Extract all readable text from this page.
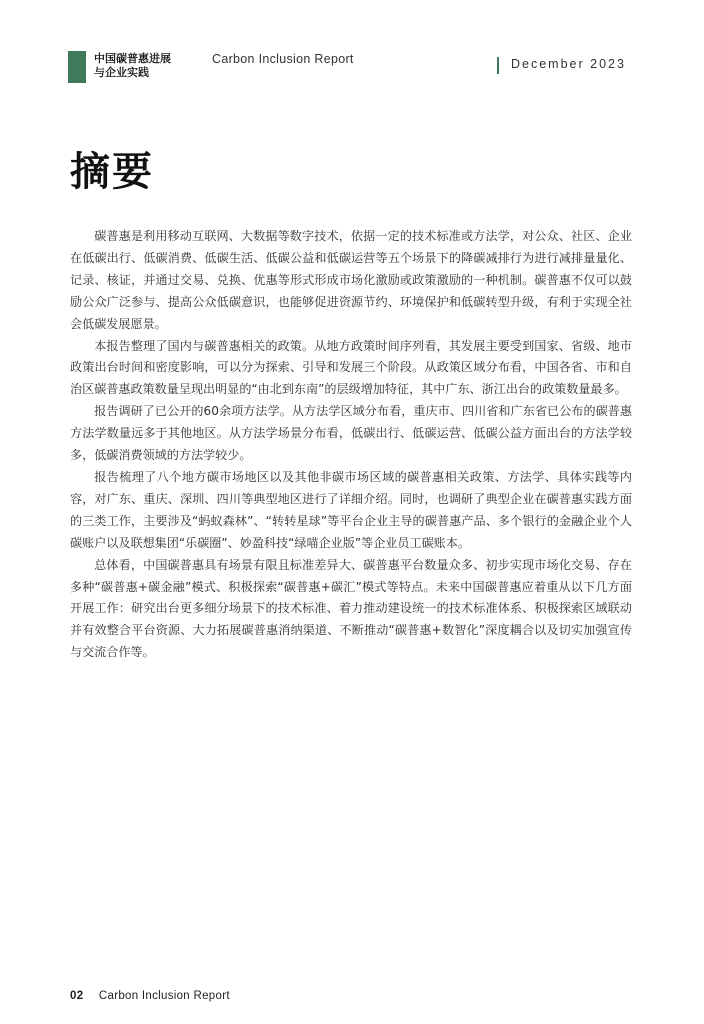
中国碳普惠进展
与企业实践
Carbon Inclusion Report	December 2023
摘要

碳普惠是利用移动互联网、大数据等数字技术，依据一定的技术标准或方法学，对公众、社区、企业在低碳出行、低碳消费、低碳生活、低碳公益和低碳运营等五个场景下的降碳减排行为进行减排量量化、记录、核证，并通过交易、兑换、优惠等形式形成市场化激励或政策激励的一种机制。碳普惠不仅可以鼓励公众广泛参与、提高公众低碳意识，也能够促进资源节约、环境保护和低碳转型升级，有利于实现全社会低碳发展愿景。

本报告整理了国内与碳普惠相关的政策。从地方政策时间序列看，其发展主要受到国家、省级、地市政策出台时间和密度影响，可以分为探索、引导和发展三个阶段。从政策区域分布看，中国各省、市和自治区碳普惠政策数量呈现出明显的“由北到东南”的层级增加特征，其中广东、浙江出台的政策数量最多。

报告调研了已公开的60余项方法学。从方法学区域分布看，重庆市、四川省和广东省已公布的碳普惠方法学数量远多于其他地区。从方法学场景分布看，低碳出行、低碳运营、低碳公益方面出台的方法学较多，低碳消费领域的方法学较少。

报告梳理了八个地方碳市场地区以及其他非碳市场区域的碳普惠相关政策、方法学、具体实践等内容，对广东、重庆、深圳、四川等典型地区进行了详细介绍。同时，也调研了典型企业在碳普惠实践方面的三类工作，主要涉及“蚂蚁森林”、“转转星球”等平台企业主导的碳普惠产品、多个银行的金融企业个人碳账户以及联想集团“乐碳圈”、妙盈科技“绿喵企业版”等企业员工碳账本。

总体看，中国碳普惠具有场景有限且标准差异大、碳普惠平台数量众多、初步实现市场化交易、存在多种“碳普惠+碳金融”模式、积极探索“碳普惠+碳汇”模式等特点。未来中国碳普惠应着重从以下几方面开展工作：研究出台更多细分场景下的技术标准、着力推动建设统一的技术标准体系、积极探索区域联动并有效整合平台资源、大力拓展碳普惠消纳渠道、不断推动“碳普惠+数智化”深度耦合以及切实加强宣传与交流合作等。

02 Carbon Inclusion Report
